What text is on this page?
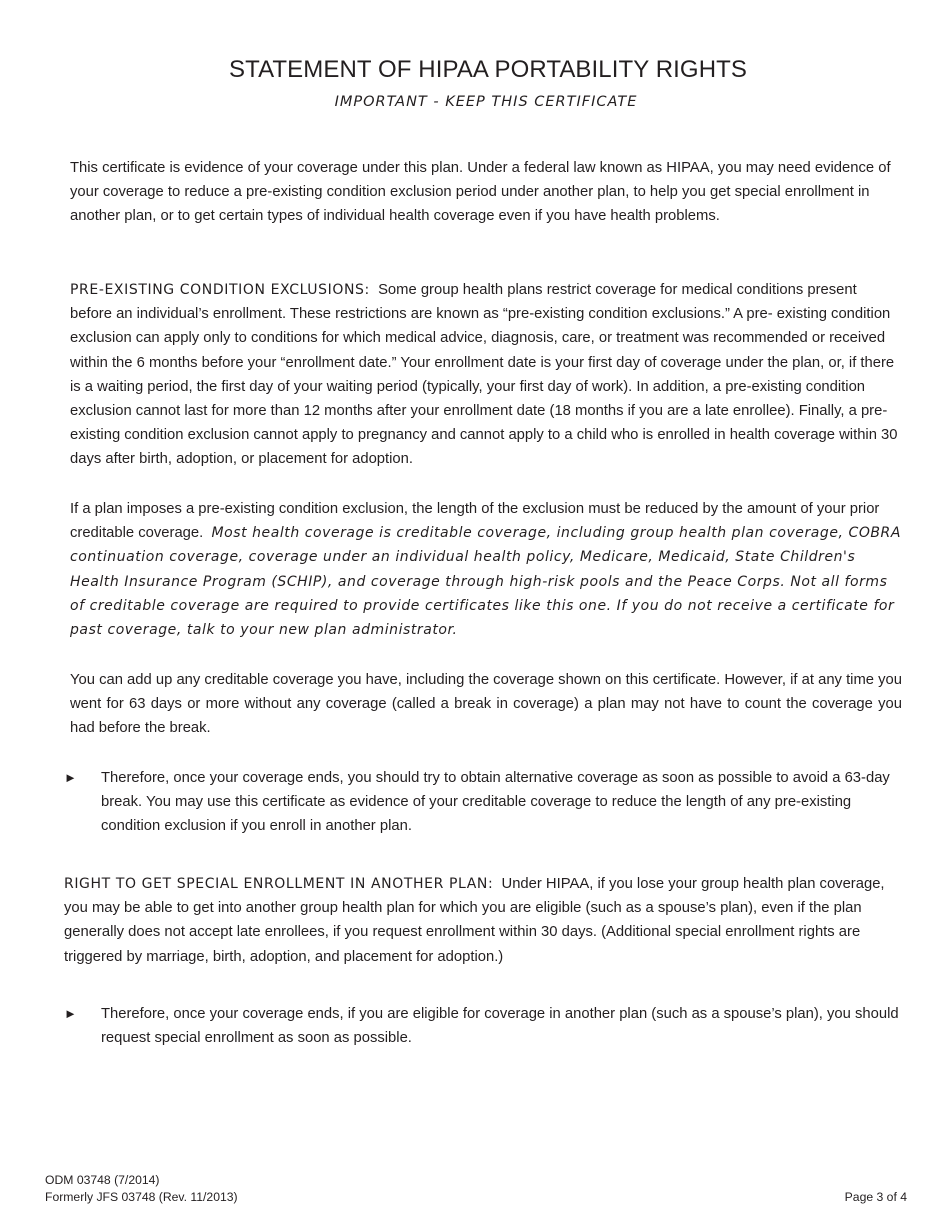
STATEMENT OF HIPAA PORTABILITY RIGHTS
IMPORTANT - KEEP THIS CERTIFICATE

This certificate is evidence of your coverage under this plan. Under a federal law known as HIPAA, you may need evidence of your coverage to reduce a pre-existing condition exclusion period under another plan, to help you get special enrollment in another plan, or to get certain types of individual health coverage even if you have health problems.

PRE-EXISTING CONDITION EXCLUSIONS: Some group health plans restrict coverage for medical conditions present before an individual’s enrollment. These restrictions are known as “pre-existing condition exclusions.” A pre- existing condition exclusion can apply only to conditions for which medical advice, diagnosis, care, or treatment was recommended or received within the 6 months before your “enrollment date.” Your enrollment date is your first day of coverage under the plan, or, if there is a waiting period, the first day of your waiting period (typically, your first day of work). In addition, a pre-existing condition exclusion cannot last for more than 12 months after your enrollment date (18 months if you are a late enrollee). Finally, a pre-existing condition exclusion cannot apply to pregnancy and cannot apply to a child who is enrolled in health coverage within 30 days after birth, adoption, or placement for adoption.

If a plan imposes a pre-existing condition exclusion, the length of the exclusion must be reduced by the amount of your prior creditable coverage. Most health coverage is creditable coverage, including group health plan coverage, COBRA continuation coverage, coverage under an individual health policy, Medicare, Medicaid, State Children's Health Insurance Program (SCHIP), and coverage through high-risk pools and the Peace Corps. Not all forms of creditable coverage are required to provide certificates like this one. If you do not receive a certificate for past coverage, talk to your new plan administrator.

You can add up any creditable coverage you have, including the coverage shown on this certificate. However, if at any time you went for 63 days or more without any coverage (called a break in coverage) a plan may not have to count the coverage you had before the break.

► Therefore, once your coverage ends, you should try to obtain alternative coverage as soon as possible to avoid a 63-day break. You may use this certificate as evidence of your creditable coverage to reduce the length of any pre-existing condition exclusion if you enroll in another plan.

RIGHT TO GET SPECIAL ENROLLMENT IN ANOTHER PLAN: Under HIPAA, if you lose your group health plan coverage, you may be able to get into another group health plan for which you are eligible (such as a spouse’s plan), even if the plan generally does not accept late enrollees, if you request enrollment within 30 days. (Additional special enrollment rights are triggered by marriage, birth, adoption, and placement for adoption.)

► Therefore, once your coverage ends, if you are eligible for coverage in another plan (such as a spouse’s plan), you should request special enrollment as soon as possible.
ODM 03748 (7/2014)
Formerly JFS 03748 (Rev. 11/2013)	Page 3 of 4
